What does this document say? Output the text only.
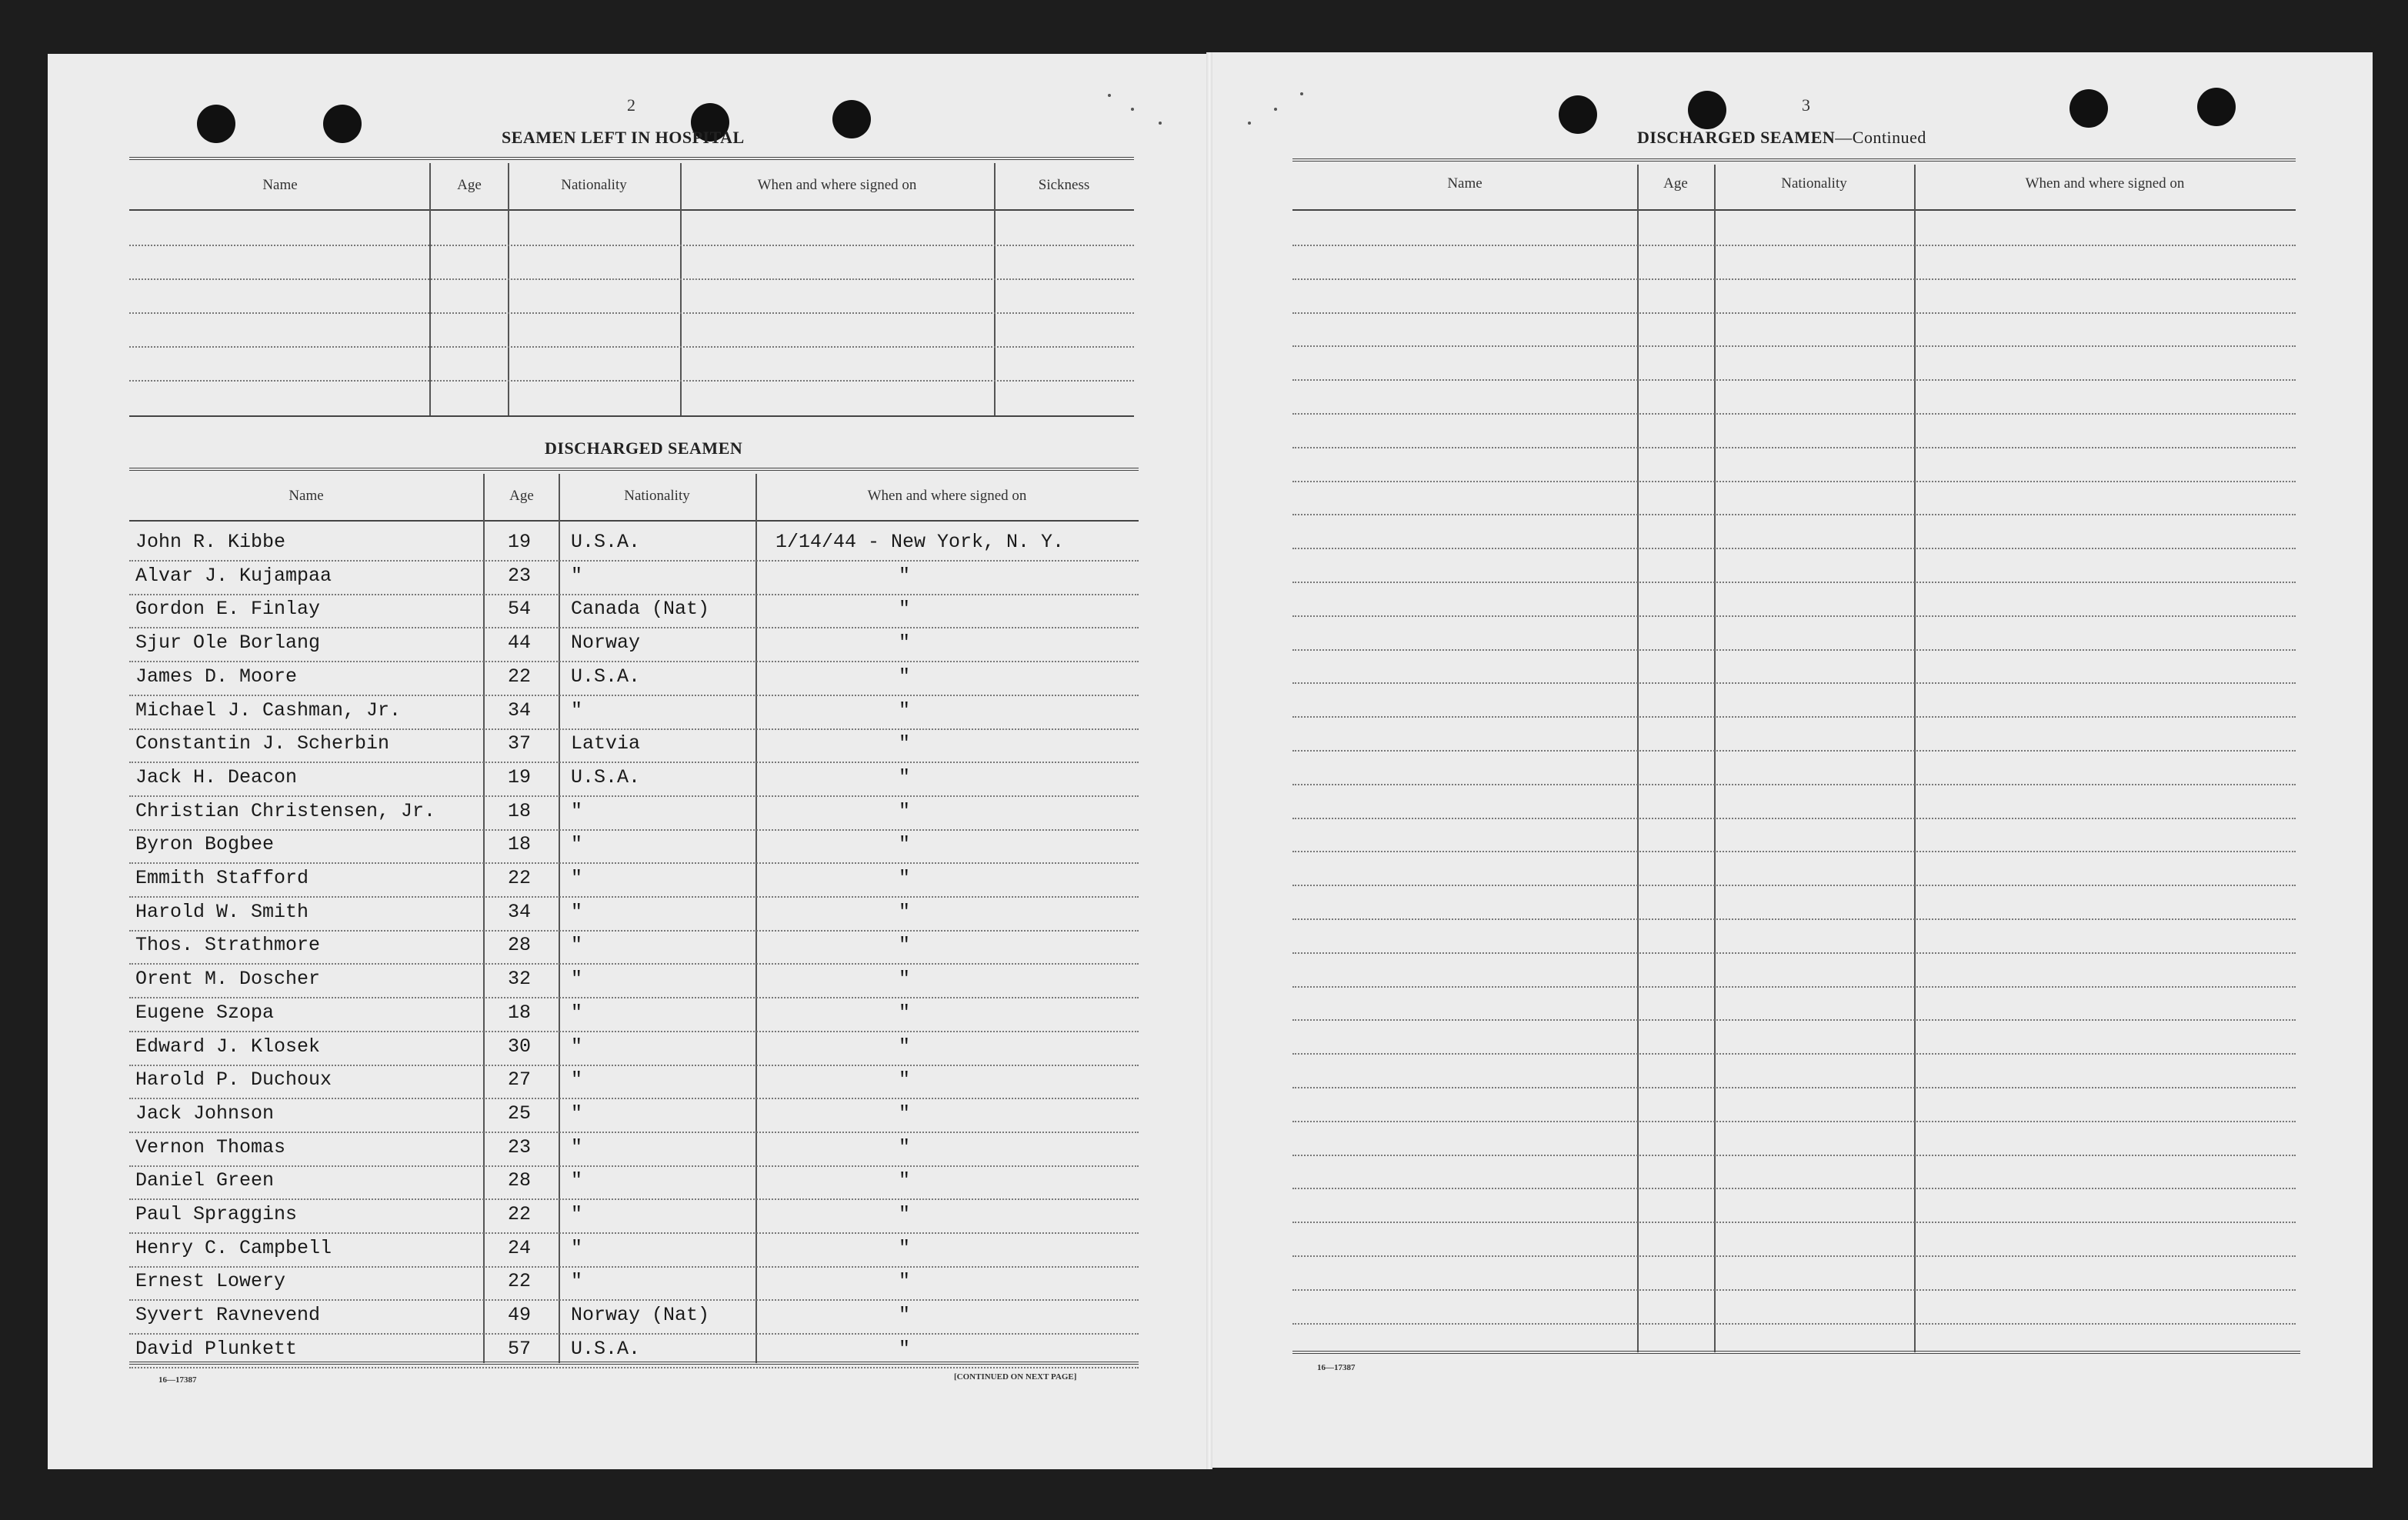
2
SEAMEN LEFT IN HOSPITAL
Name	Age	Nationality	When and where signed on	Sickness
DISCHARGED SEAMEN
Name	Age	Nationality	When and where signed on
John R. Kibbe	19 U.S.A.	1/14/44 - New York, N. Y.
Alvar J. Kujampaa	23 "	"
Gordon E. Finlay	54 Canada (Nat)	"
Sjur Ole Borlang	44 Norway	"
James D. Moore	22 U.S.A.	"
Michael J. Cashman, Jr.	34 "	"
Constantin J. Scherbin	37 Latvia	"
Jack H. Deacon	19 U.S.A.	"
Christian Christensen, Jr.	18 "	"
Byron Bogbee	18 "	"
Emmith Stafford	22 "	"
Harold W. Smith	34 "	"
Thos. Strathmore	28 "	"
Orent M. Doscher	32 "	"
Eugene Szopa	18 "	"
Edward J. Klosek	30 "	"
Harold P. Duchoux	27 "	"
Jack Johnson	25 "	"
Vernon Thomas	23 "	"
Daniel Green	28 "	"
Paul Spraggins	22 "	"
Henry C. Campbell	24 "	"
Ernest Lowery	22 "	"
Syvert Ravnevend	49 Norway (Nat)	"
David Plunkett	57 U.S.A.	"
16—17387	[CONTINUED ON NEXT PAGE]
3
DISCHARGED SEAMEN—Continued
Name	Age	Nationality	When and where signed on
16—17387
